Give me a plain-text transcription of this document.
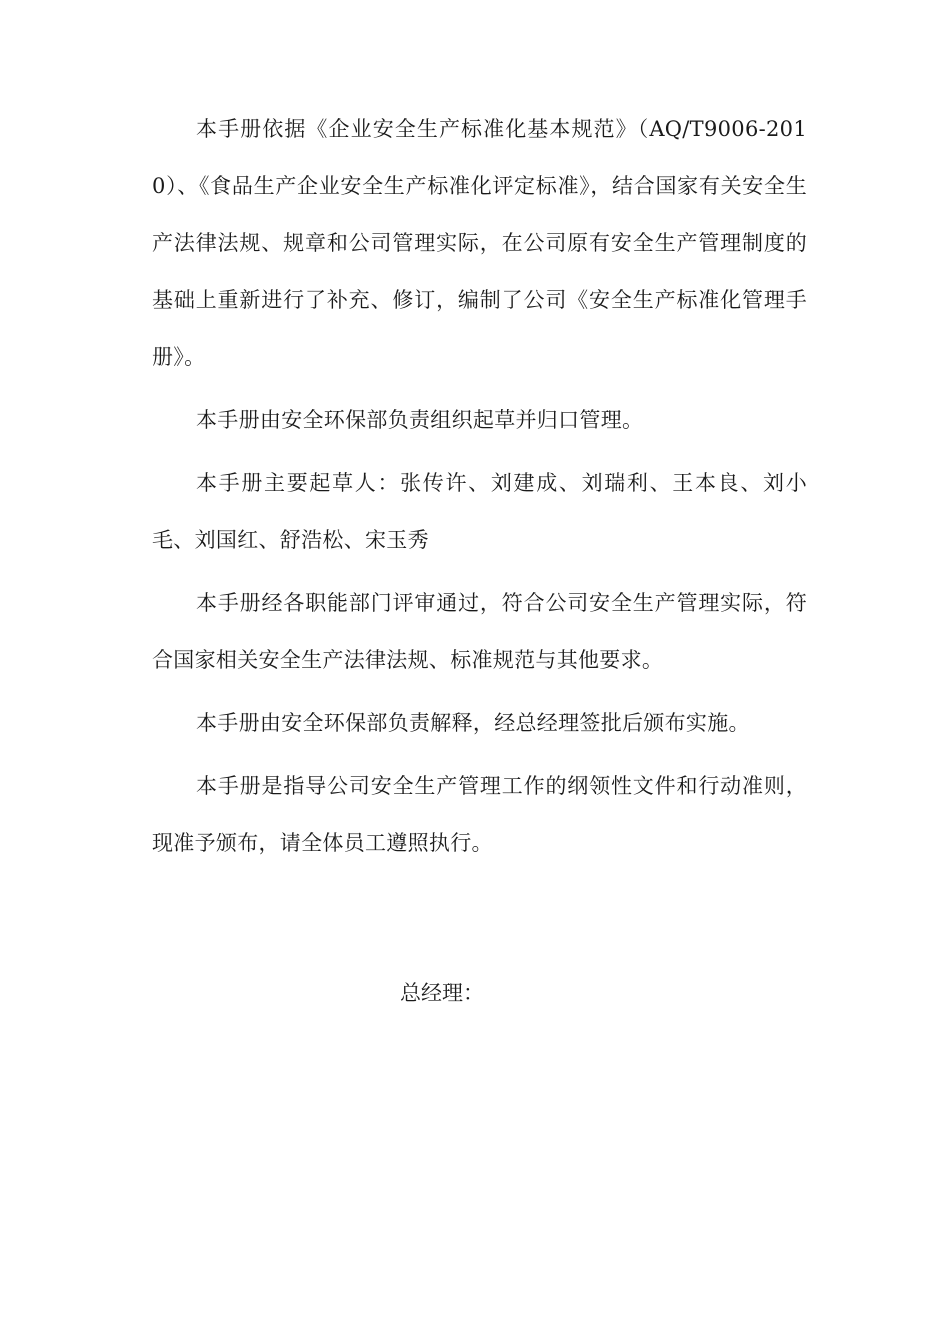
本手册依据《企业安全生产标准化基本规范》（AQ/T9006-2010）、《食品生产企业安全生产标准化评定标准》，结合国家有关安全生产法律法规、规章和公司管理实际，在公司原有安全生产管理制度的基础上重新进行了补充、修订，编制了公司《安全生产标准化管理手册》。

本手册由安全环保部负责组织起草并归口管理。

本手册主要起草人：张传许、刘建成、刘瑞利、王本良、刘小毛、刘国红、舒浩松、宋玉秀

本手册经各职能部门评审通过，符合公司安全生产管理实际，符合国家相关安全生产法律法规、标准规范与其他要求。

本手册由安全环保部负责解释，经总经理签批后颁布实施。

本手册是指导公司安全生产管理工作的纲领性文件和行动准则，现准予颁布，请全体员工遵照执行。

总经理：
